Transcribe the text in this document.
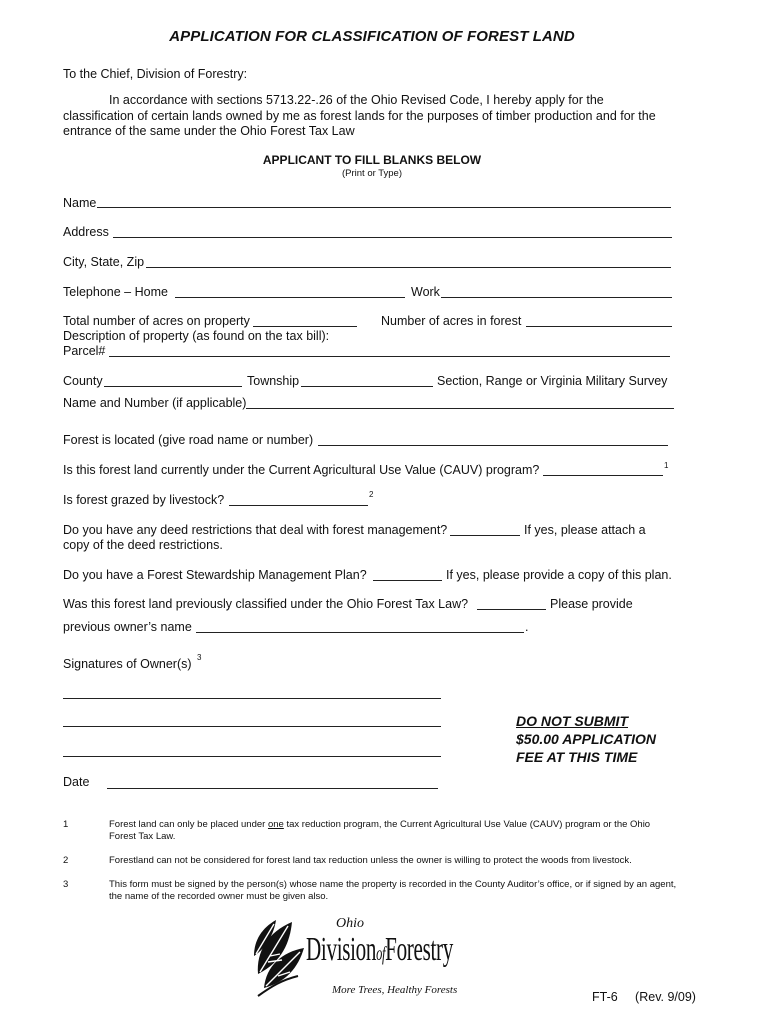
APPLICATION FOR CLASSIFICATION OF FOREST LAND
To the Chief, Division of Forestry:
In accordance with sections 5713.22-.26 of the Ohio Revised Code, I hereby apply for the
classification of certain lands owned by me as forest lands for the purposes of timber production and for the
entrance of the same under the Ohio Forest Tax Law
APPLICANT TO FILL BLANKS BELOW
(Print or Type)
Name
Address
City, State, Zip
Telephone – Home	Work
Total number of acres on property	Number of acres in forest
Description of property (as found on the tax bill):
Parcel#
County	Township	Section, Range or Virginia Military Survey
Name and Number (if applicable)
Forest is located (give road name or number)
Is this forest land currently under the Current Agricultural Use Value (CAUV) program?	1
Is forest grazed by livestock?	2
Do you have any deed restrictions that deal with forest management?	If yes, please attach a
copy of the deed restrictions.
Do you have a Forest Stewardship Management Plan?	If yes, please provide a copy of this plan.
Was this forest land previously classified under the Ohio Forest Tax Law?	Please provide
previous owner’s name	.
Signatures of Owner(s) 3
DO NOT SUBMIT
$50.00 APPLICATION
FEE AT THIS TIME
Date
1	Forest land can only be placed under one tax reduction program, the Current Agricultural Use Value (CAUV) program or the Ohio Forest Tax Law.
2	Forestland can not be considered for forest land tax reduction unless the owner is willing to protect the woods from livestock.
3	This form must be signed by the person(s) whose name the property is recorded in the County Auditor’s office, or if signed by an agent, the name of the recorded owner must be given also.
Ohio
DivisionofForestry
More Trees, Healthy Forests	FT-6     (Rev. 9/09)
